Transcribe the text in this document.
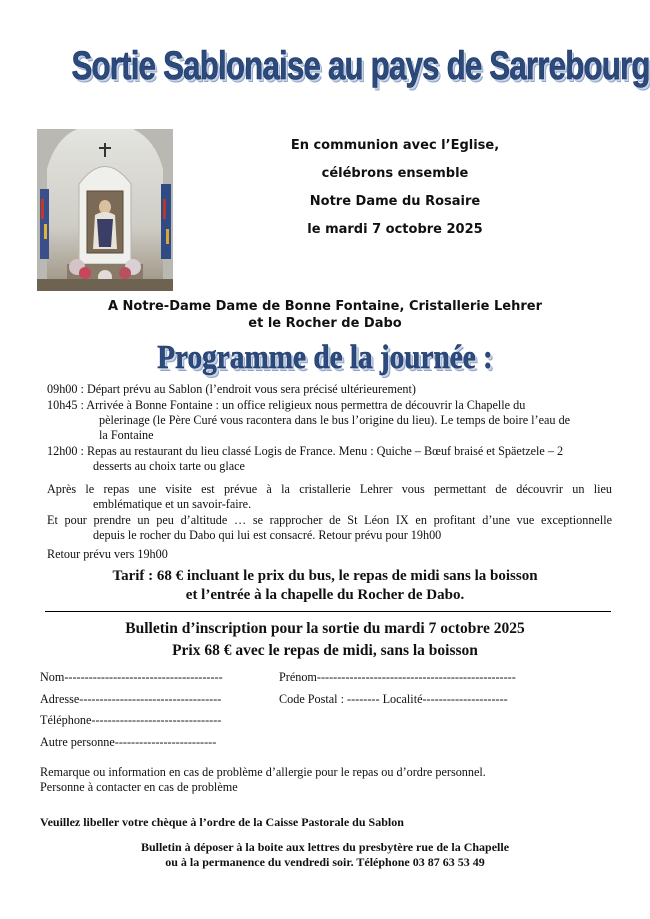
Sortie Sablonaise au pays de Sarrebourg
En communion avec l’Eglise,
célébrons ensemble
Notre Dame du Rosaire
le mardi 7 octobre 2025
A Notre-Dame Dame de Bonne Fontaine, Cristallerie Lehrer
et le Rocher de Dabo
Programme de la journée :
09h00 : Départ prévu au Sablon (l’endroit vous sera précisé ultérieurement)
10h45 : Arrivée à Bonne Fontaine : un office religieux nous permettra de découvrir la Chapelle du
pèlerinage (le Père Curé vous racontera dans le bus l’origine du lieu). Le temps de boire l’eau de
la Fontaine
12h00 : Repas au restaurant du lieu classé Logis de France. Menu : Quiche – Bœuf braisé et Späetzele – 2
desserts au choix tarte ou glace
Après le repas une visite est prévue à la cristallerie Lehrer vous permettant de découvrir un lieu
emblématique et un savoir-faire.
Et pour prendre un peu d’altitude … se rapprocher de St Léon IX en profitant d’une vue exceptionnelle
depuis le rocher du Dabo qui lui est consacré. Retour prévu pour 19h00
Retour prévu vers 19h00
Tarif : 68 € incluant le prix du bus, le repas de midi sans la boisson
et l’entrée à la chapelle du Rocher de Dabo.
Bulletin d’inscription pour la sortie du mardi 7 octobre 2025
Prix 68 € avec le repas de midi, sans la boisson
Nom---------------------------------------	Prénom-------------------------------------------------
Adresse-----------------------------------	Code Postal : -------- Localité---------------------
Téléphone--------------------------------
Autre personne-------------------------
Remarque ou information en cas de problème d’allergie pour le repas ou d’ordre personnel.
Personne à contacter en cas de problème
Veuillez libeller votre chèque à l’ordre de la Caisse Pastorale du Sablon
Bulletin à déposer à la boite aux lettres du presbytère rue de la Chapelle
ou à la permanence du vendredi soir. Téléphone 03 87 63 53 49
